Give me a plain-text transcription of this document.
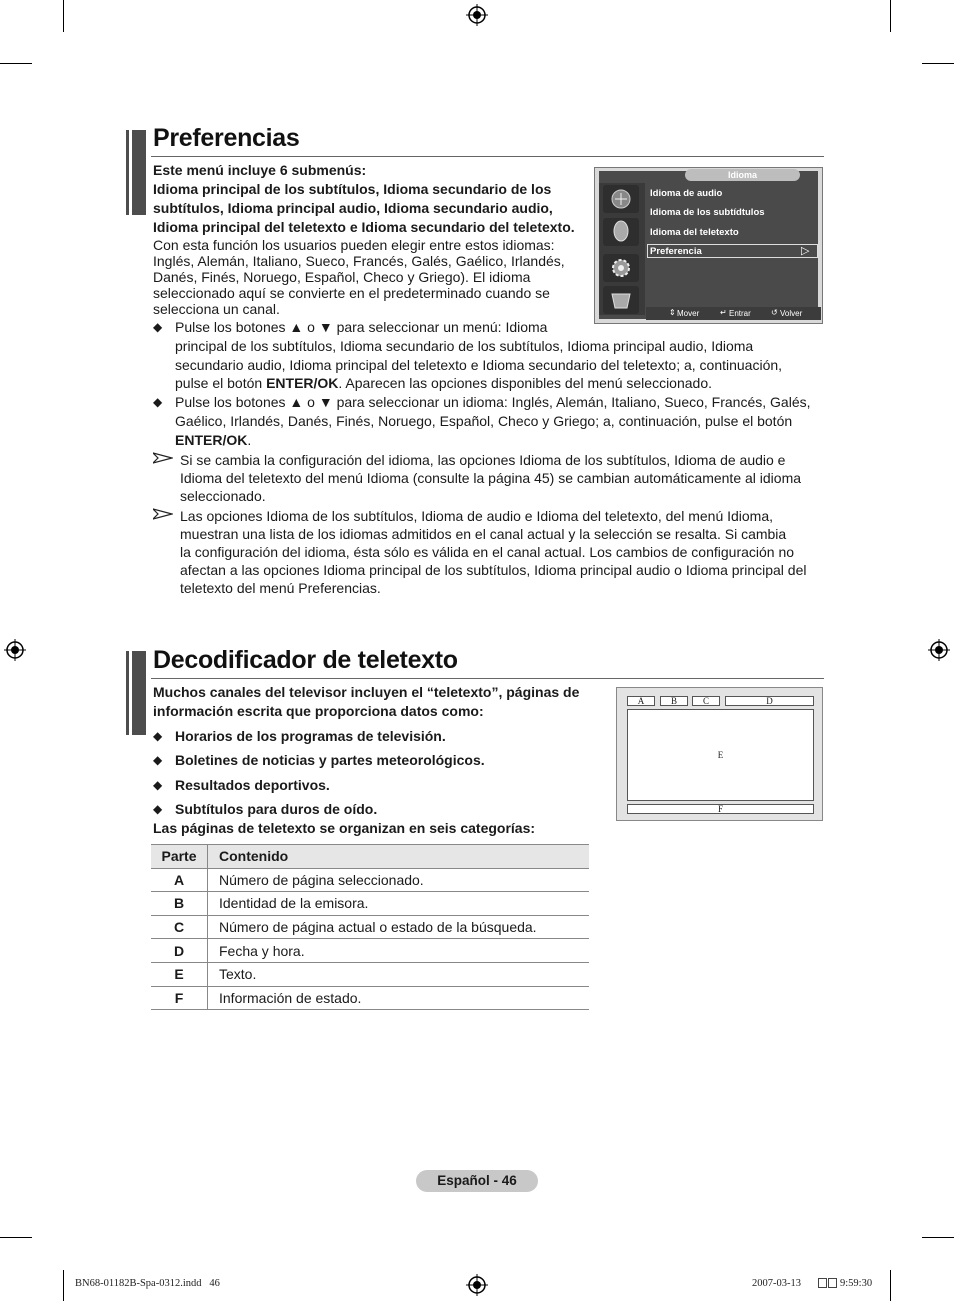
Preferencias
Este menú incluye 6 submenús:
Idioma principal de los subtítulos, Idioma secundario de los
subtítulos, Idioma principal audio, Idioma secundario audio,
Idioma principal del teletexto e Idioma secundario del teletexto.
Con esta función los usuarios pueden elegir entre estos idiomas:
Inglés, Alemán, Italiano, Sueco, Francés, Galés, Gaélico, Irlandés,
Danés, Finés, Noruego, Español, Checo y Griego). El idioma
seleccionado aquí se convierte en el predeterminado cuando se
selecciona un canal.
◆ Pulse los botones ▲ o ▼ para seleccionar un menú: Idioma
principal de los subtítulos, Idioma secundario de los subtítulos, Idioma principal audio, Idioma
secundario audio, Idioma principal del teletexto e Idioma secundario del teletexto; a, continuación,
pulse el botón ENTER/OK. Aparecen las opciones disponibles del menú seleccionado.
◆ Pulse los botones ▲ o ▼ para seleccionar un idioma: Inglés, Alemán, Italiano, Sueco, Francés, Galés,
Gaélico, Irlandés, Danés, Finés, Noruego, Español, Checo y Griego; a, continuación, pulse el botón
ENTER/OK.
Si se cambia la configuración del idioma, las opciones Idioma de los subtítulos, Idioma de audio e
Idioma del teletexto del menú Idioma (consulte la página 45) se cambian automáticamente al idioma
seleccionado.
Las opciones Idioma de los subtítulos, Idioma de audio e Idioma del teletexto, del menú Idioma,
muestran una lista de los idiomas admitidos en el canal actual y la selección se resalta. Si cambia
la configuración del idioma, ésta sólo es válida en el canal actual. Los cambios de configuración no
afectan a las opciones Idioma principal de los subtítulos, Idioma principal audio o Idioma principal del
teletexto del menú Preferencias.
Idioma
Idioma de audio
Idioma de los subtídtulos
Idioma del teletexto
Preferencia	▷
⇕ Mover	↵ Entrar	↺ Volver
Decodificador de teletexto
Muchos canales del televisor incluyen el “teletexto”, páginas de
información escrita que proporciona datos como:
◆ Horarios de los programas de televisión.
◆ Boletines de noticias y partes meteorológicos.
◆ Resultados deportivos.
◆ Subtítulos para duros de oído.
Las páginas de teletexto se organizan en seis categorías:
A	B	C	D
E
F
Parte	Contenido
A	Número de página seleccionado.
B	Identidad de la emisora.
C	Número de página actual o estado de la búsqueda.
D	Fecha y hora.
E	Texto.
F	Información de estado.
Español - 46
BN68-01182B-Spa-0312.indd   46	2007-03-13	9:59:30
